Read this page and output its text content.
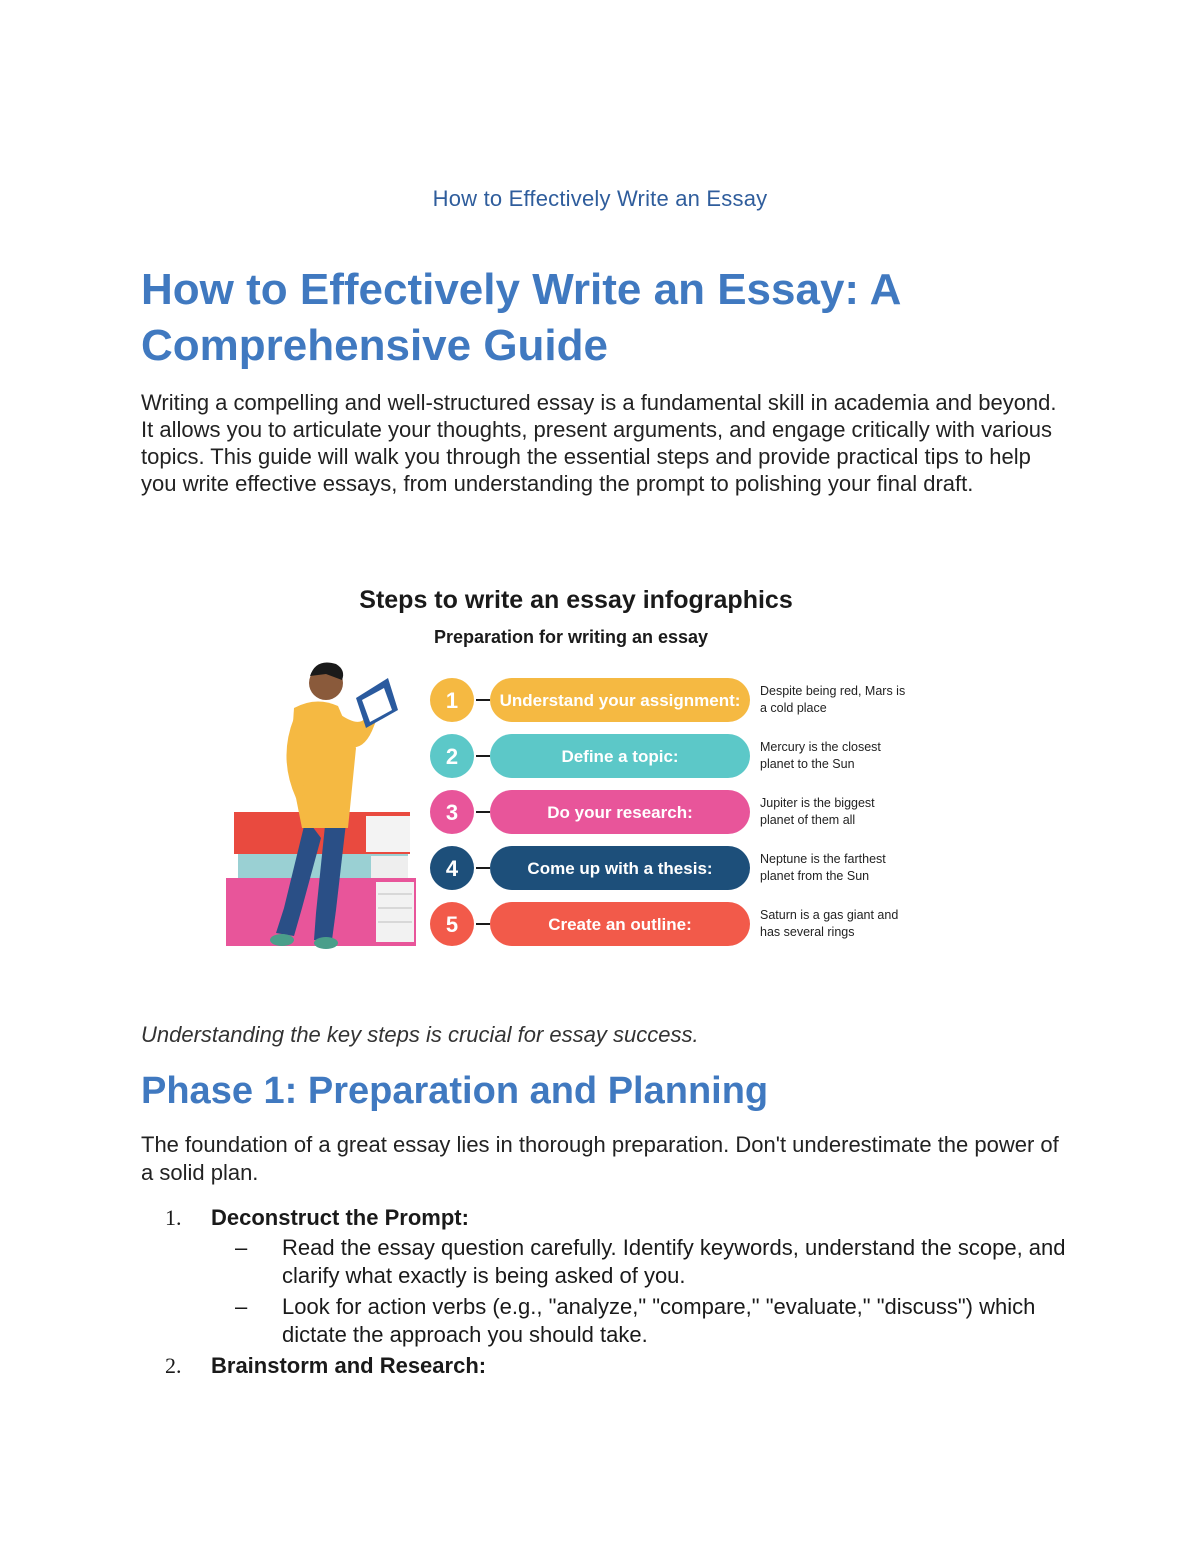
How to Effectively Write an Essay
How to Effectively Write an Essay: A Comprehensive Guide

Writing a compelling and well-structured essay is a fundamental skill in academia and beyond. It allows you to articulate your thoughts, present arguments, and engage critically with various topics. This guide will walk you through the essential steps and provide practical tips to help you write effective essays, from understanding the prompt to polishing your final draft.

Steps to write an essay infographics
Preparation for writing an essay
1 Understand your assignment: Despite being red, Mars is
a cold place
2	Define a topic:	Mercury is the closest
planet to the Sun
3	Do your research:	Jupiter is the biggest
planet of them all
4	Come up with a thesis:	Neptune is the farthest
planet from the Sun
5	Create an outline:	Saturn is a gas giant and
has several rings

Understanding the key steps is crucial for essay success.

Phase 1: Preparation and Planning

The foundation of a great essay lies in thorough preparation. Don't underestimate the power of a solid plan.

1. Deconstruct the Prompt:
– Read the essay question carefully. Identify keywords, understand the scope, and clarify what exactly is being asked of you.
– Look for action verbs (e.g., "analyze," "compare," "evaluate," "discuss") which dictate the approach you should take.
2. Brainstorm and Research:
